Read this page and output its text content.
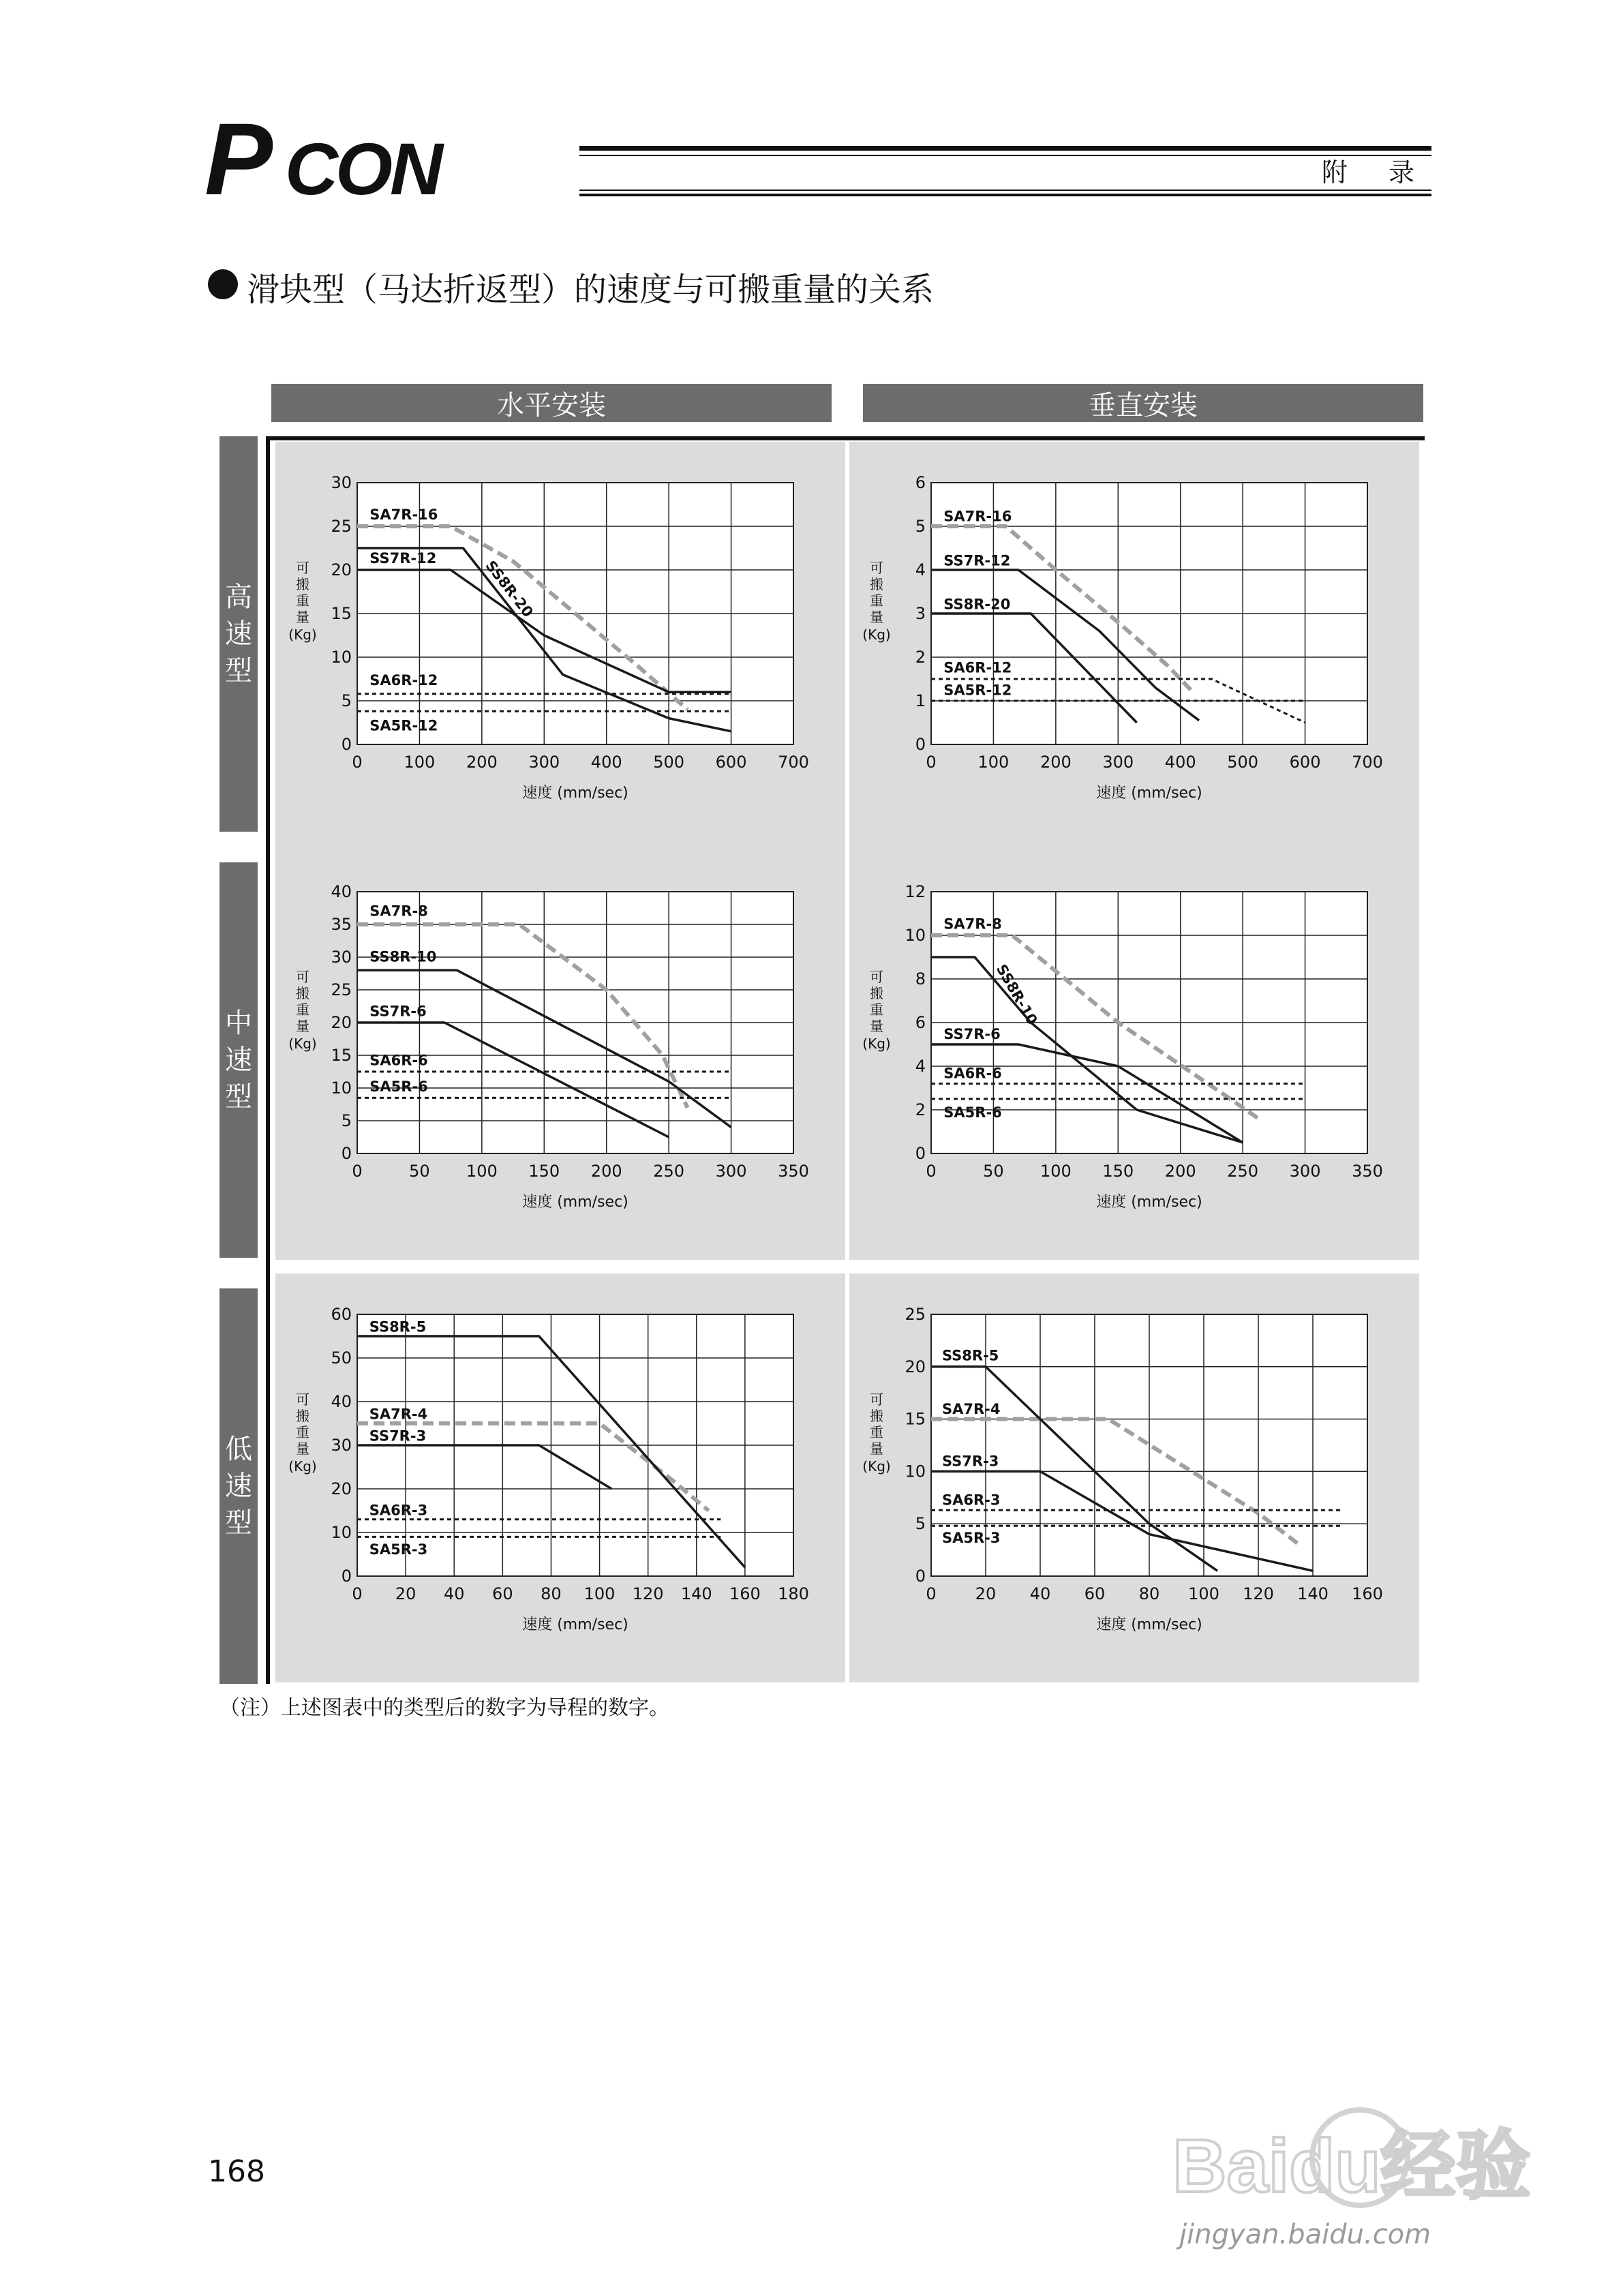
P CON	附 录
滑块型（马达折返型）的速度与可搬重量的关系
水平安装	垂直安装
高速型
中速型
低速型
0	100 200 300 400 500 600 700
0
5
10
15
20
25
30
速度 (mm/sec)
可搬重量(Kg)
SA7R-16
SS7R-12	SS8R-20
SA6R-12
SA5R-12
0	100 200 300 400 500 600 700
0
1
2
3
4
5
6
速度 (mm/sec)
可搬重量(Kg)
SA7R-16
SS7R-12
SS8R-20
SA6R-12
SA5R-12
0	50 100 150 200 250 300 350
0
5
10
15
20
25
30
35
40
速度 (mm/sec)
可搬重量(Kg)
SA7R-8
SS8R-10
SS7R-6
SA6R-6
SA5R-6
0	50 100 150 200 250 300 350
0
2
4
6
8
10
12
速度 (mm/sec)
可搬重量(Kg)
SA7R-8
SS8R-10
SS7R-6
SA6R-6
SA5R-6
0 20 40 60 80 100 120 140 160 180
0
10
20
30
40
50
60
速度 (mm/sec)
可搬重量(Kg)
SA7R-4
SS8R-5
SS7R-3
SA6R-3
SA5R-3
0 20 40 60 80 100 120 140 160
0
5
10
15
20
25
速度 (mm/sec)
可搬重量(Kg)
SA7R-4
SS8R-5
SS7R-3
SA6R-3
SA5R-3
（注）上述图表中的类型后的数字为导程的数字。
168	Baidu经验
jingyan.baidu.com
